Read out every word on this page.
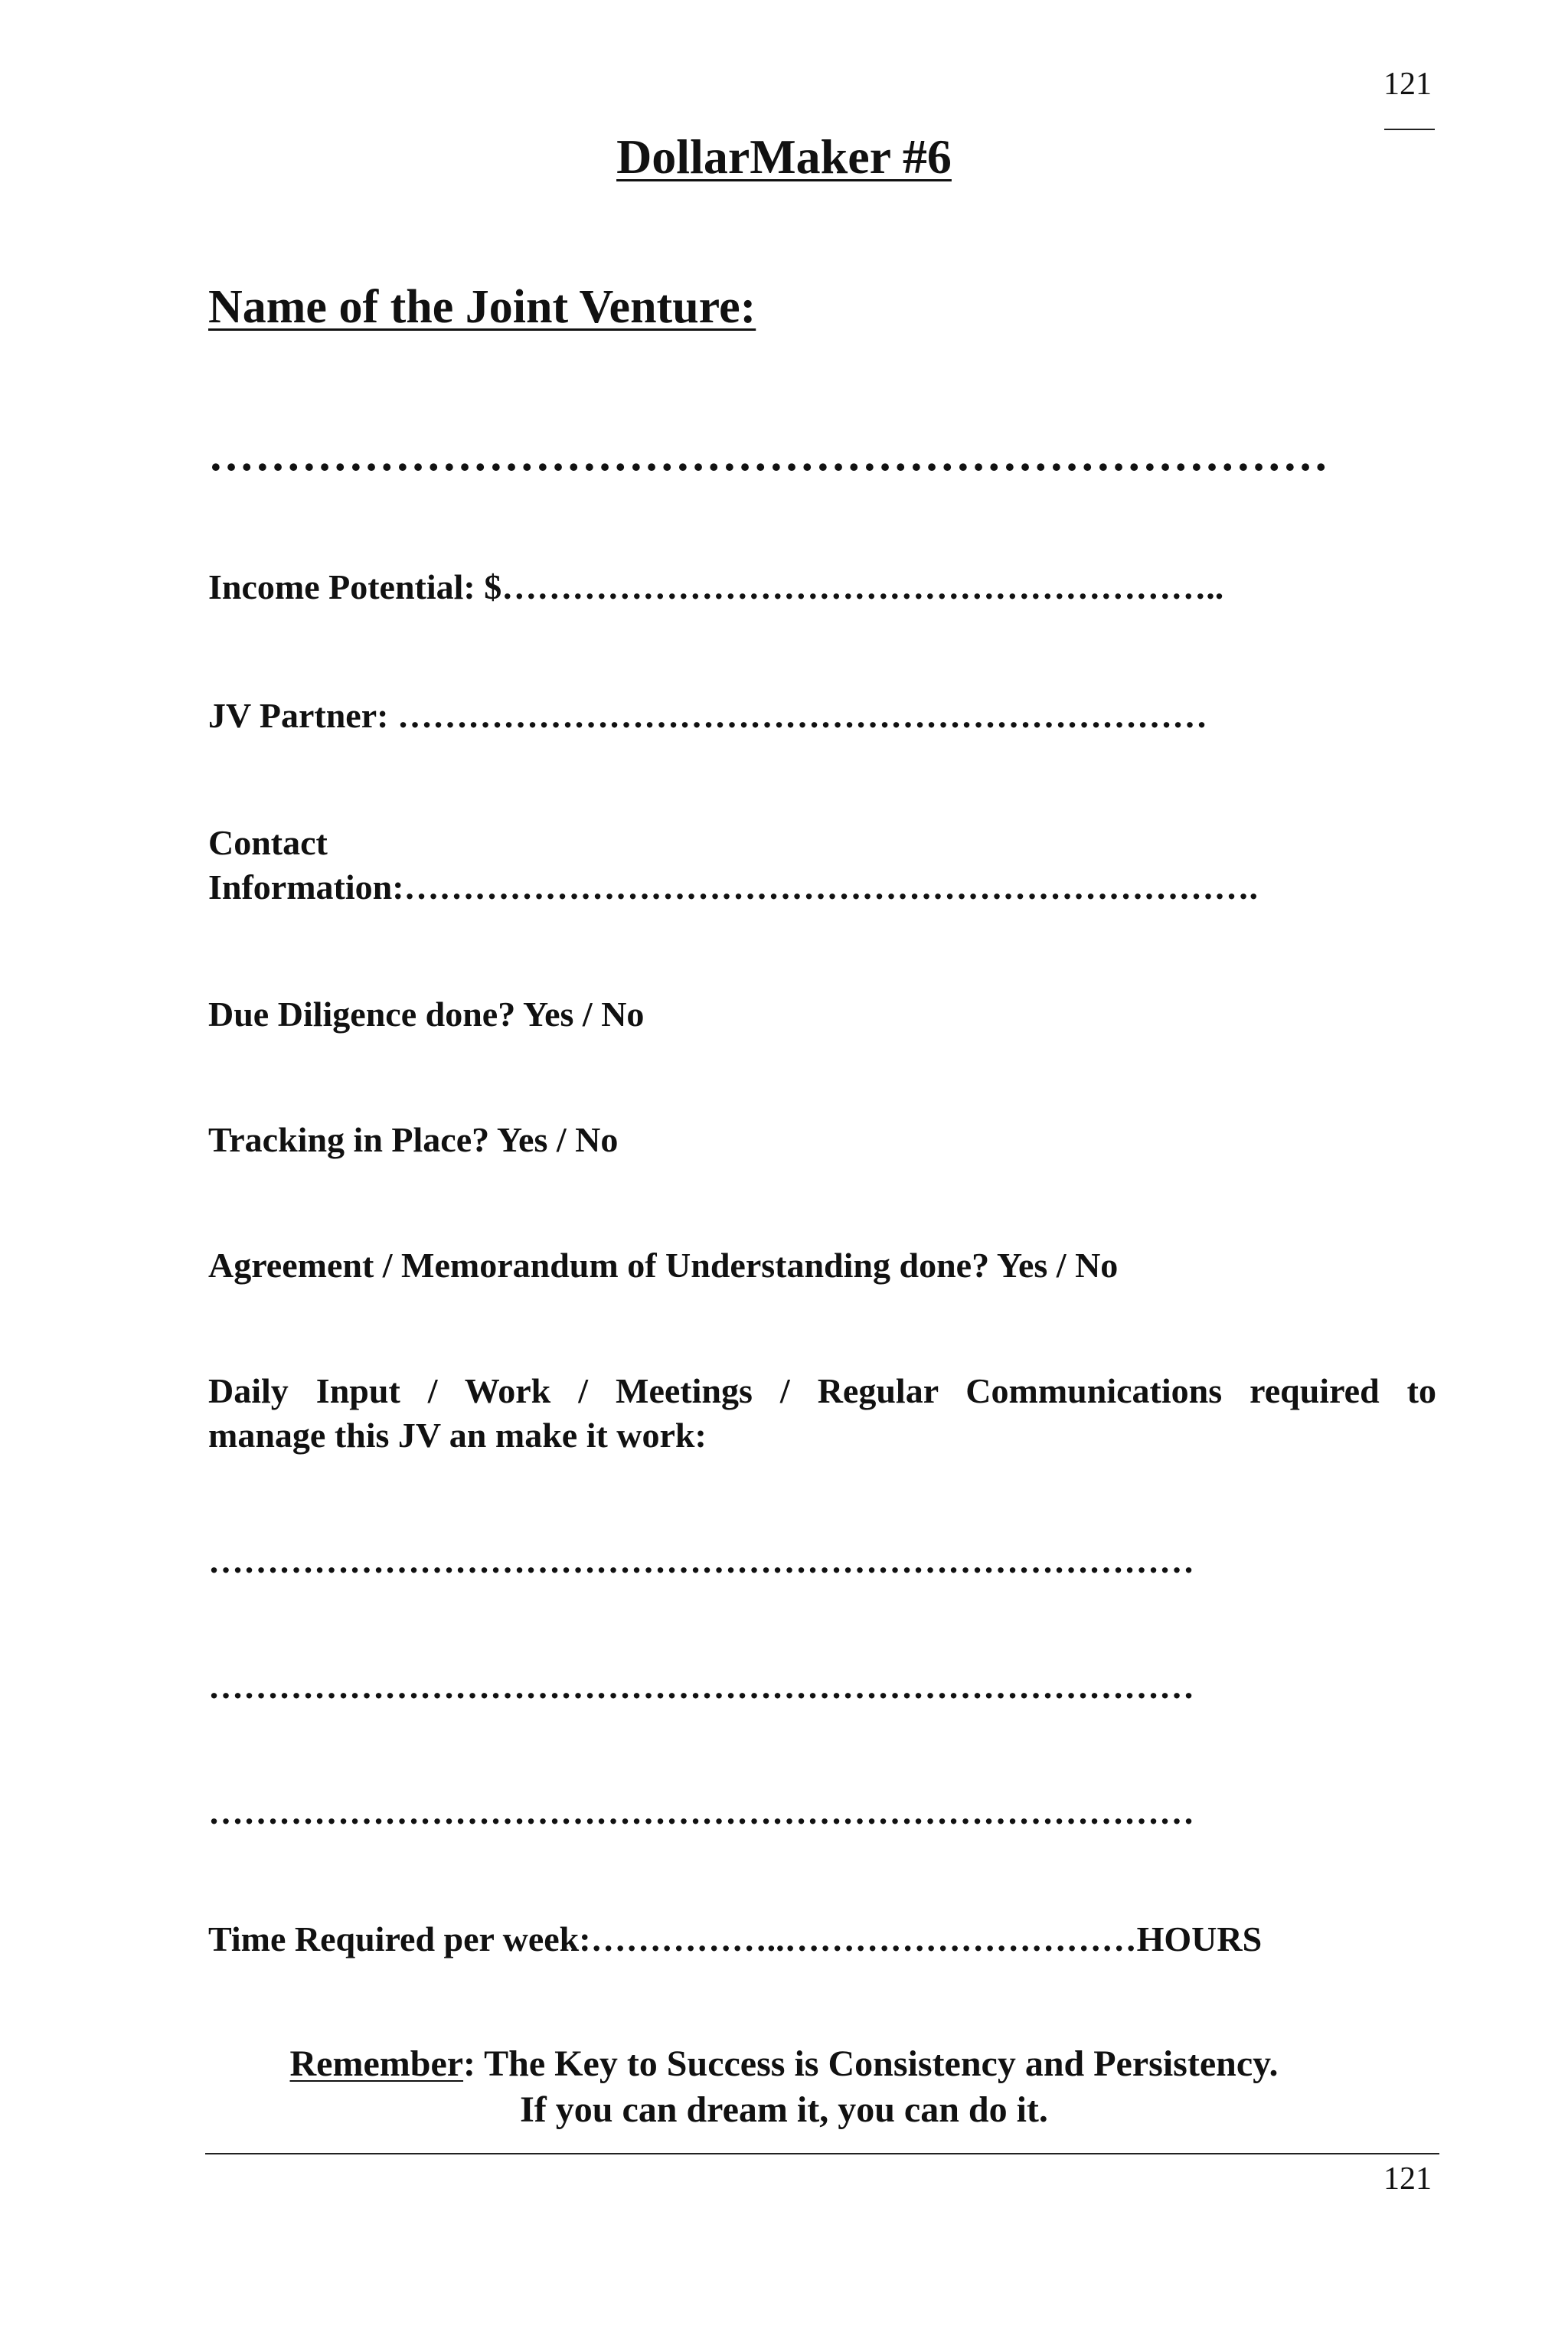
121
DollarMaker #6
Name of the Joint Venture:
………………………………………………………………
Income Potential: $……………………………………………………..
JV Partner: ……………………………………………………………
Contact
Information:……………………………………………………………….
Due Diligence done? Yes / No
Tracking in Place? Yes / No
Agreement / Memorandum of Understanding done? Yes / No
Daily Input / Work / Meetings / Regular Communications required to
manage this JV an make it work:
…………………………………………………………………………
…………………………………………………………………………
…………………………………………………………………………
Time Required per week:……………..…………………………HOURS
Remember: The Key to Success is Consistency and Persistency.
If you can dream it, you can do it.
121
